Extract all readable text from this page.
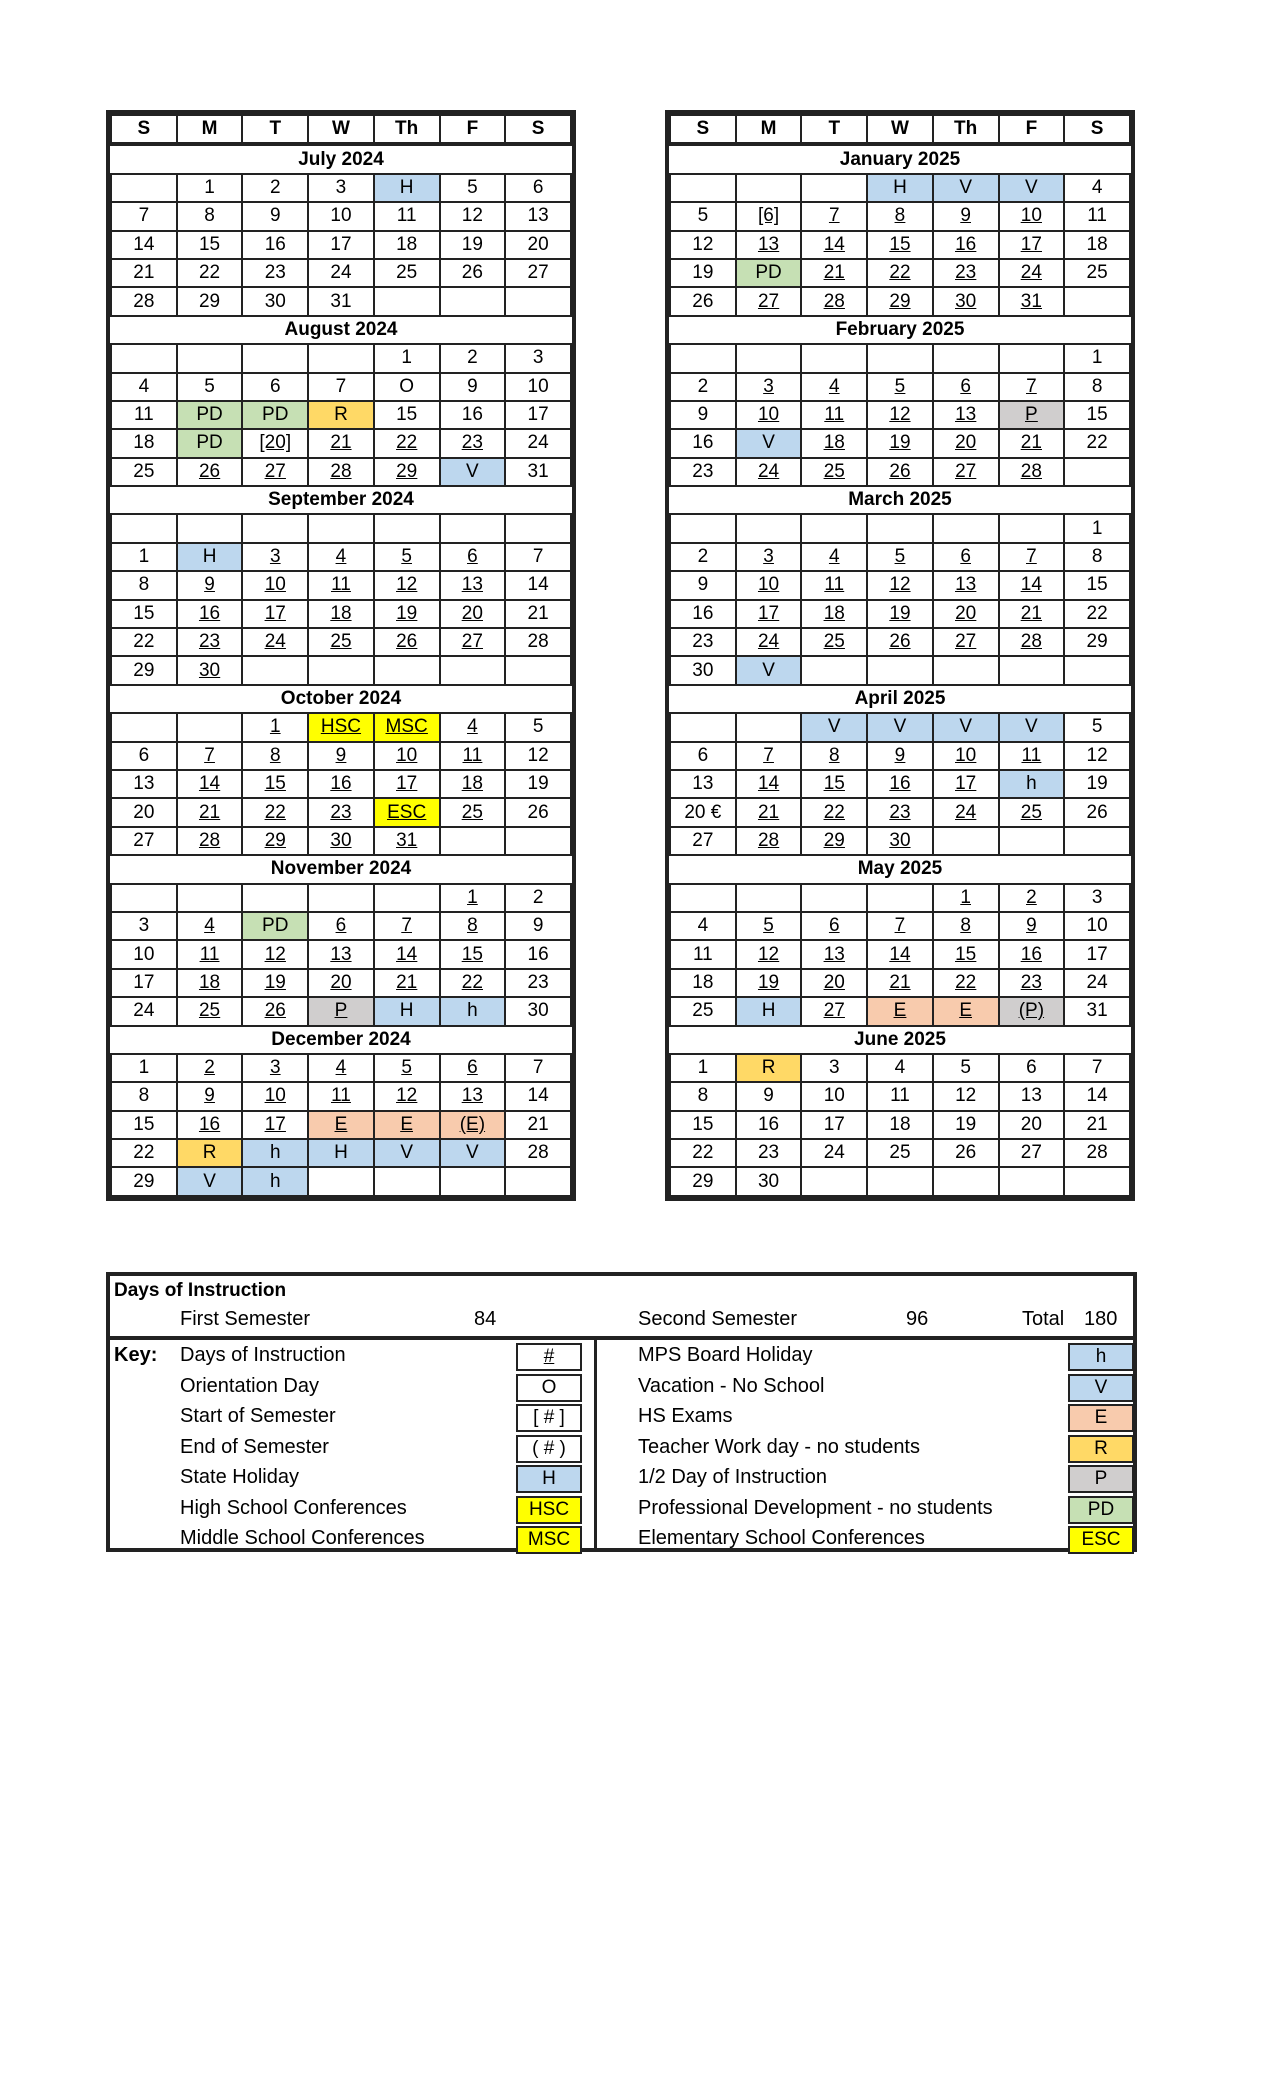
S	M	T	W	Th	F	S
July 2024						
	1	2	3	H	5	6
7	8	9	10	11	12	13
14	15	16	17	18	19	20
21	22	23	24	25	26	27
28	29	30	31			
August 2024						
				1	2	3
4	5	6	7	O	9	10
11	PD	PD	R	15	16	17
18	PD	[20]	21	22	23	24
25	26	27	28	29	V	31
September 2024						

1	H	3	4	5	6	7
8	9	10	11	12	13	14
15	16	17	18	19	20	21
22	23	24	25	26	27	28
29	30					
October 2024						
		1	HSC	MSC	4	5
6	7	8	9	10	11	12
13	14	15	16	17	18	19
20	21	22	23	ESC	25	26
27	28	29	30	31		
November 2024						
					1	2
3	4	PD	6	7	8	9
10	11	12	13	14	15	16
17	18	19	20	21	22	23
24	25	26	P	H	h	30
December 2024						
1	2	3	4	5	6	7
8	9	10	11	12	13	14
15	16	17	E	E	(E)	21
22	R	h	H	V	V	28
29	V	h				
S	M	T	W	Th	F	S
January 2025						
			H	V	V	4
5	[6]	7	8	9	10	11
12	13	14	15	16	17	18
19	PD	21	22	23	24	25
26	27	28	29	30	31	
February 2025						
						1
2	3	4	5	6	7	8
9	10	11	12	13	P	15
16	V	18	19	20	21	22
23	24	25	26	27	28	
March 2025						
						1
2	3	4	5	6	7	8
9	10	11	12	13	14	15
16	17	18	19	20	21	22
23	24	25	26	27	28	29
30	V					
April 2025						
		V	V	V	V	5
6	7	8	9	10	11	12
13	14	15	16	17	h	19
20 €	21	22	23	24	25	26
27	28	29	30			
May 2025						
				1	2	3
4	5	6	7	8	9	10
11	12	13	14	15	16	17
18	19	20	21	22	23	24
25	H	27	E	E	(P)	31
June 2025						
1	R	3	4	5	6	7
8	9	10	11	12	13	14
15	16	17	18	19	20	21
22	23	24	25	26	27	28
29	30					
Days of Instruction
First Semester	84	Second Semester	96	Total 180
Key: Days of Instruction	#
Orientation Day	O
Start of Semester	[ # ]
End of Semester	( # )
State Holiday	H
High School Conferences	HSC
Middle School Conferences	MSC
MPS Board Holiday	h
Vacation - No School	V
HS Exams	E
Teacher Work day - no students	R
1/2 Day of Instruction	P
Professional Development - no students	PD
Elementary School Conferences	ESC
